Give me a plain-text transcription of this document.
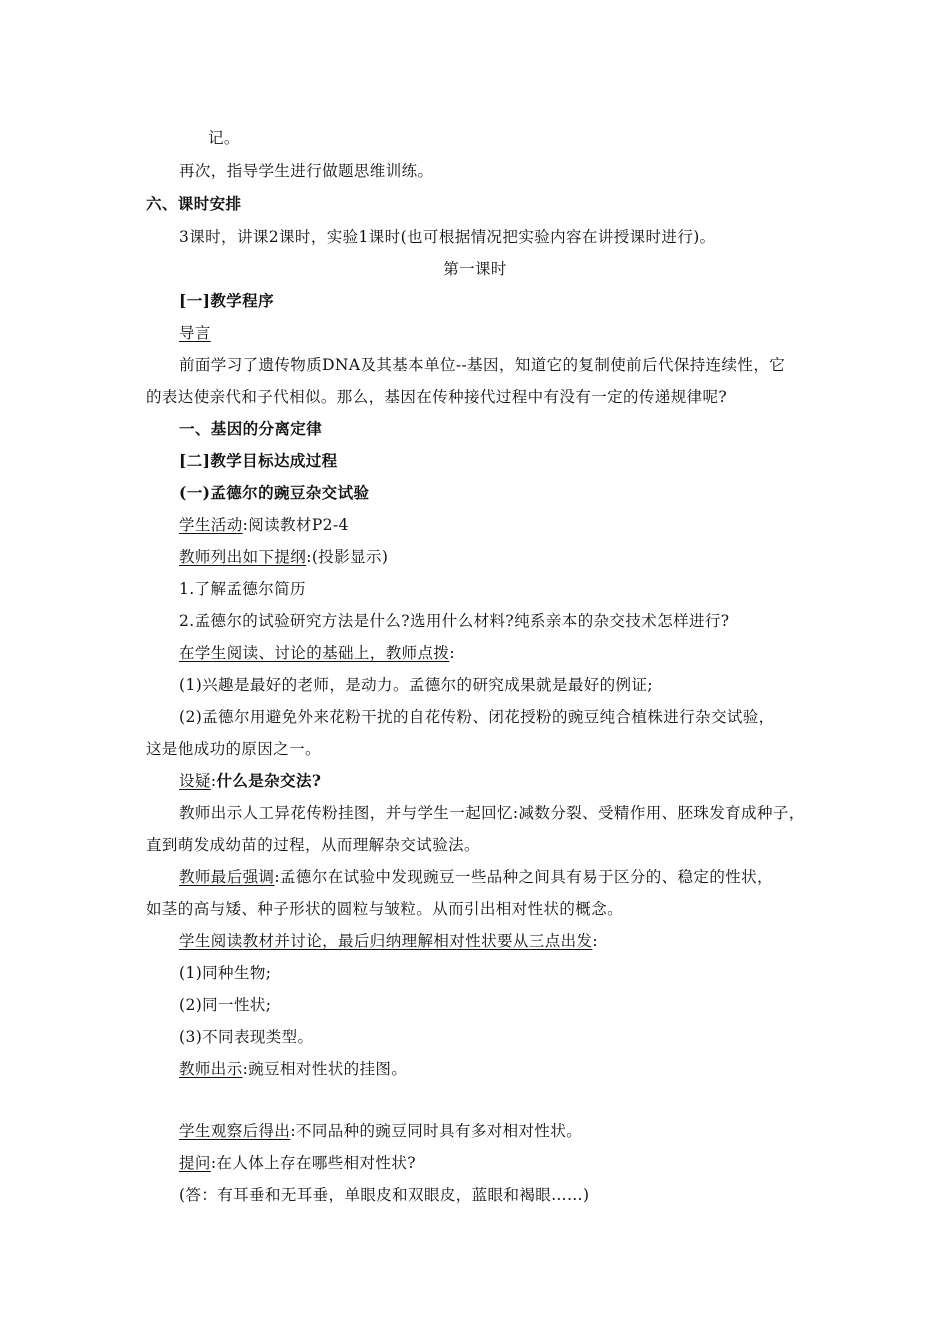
记。
再次，指导学生进行做题思维训练。
六、课时安排
3课时，讲课2课时，实验1课时(也可根据情况把实验内容在讲授课时进行)。
第一课时
[一]教学程序
导言
前面学习了遗传物质DNA及其基本单位--基因，知道它的复制使前后代保持连续性，它
的表达使亲代和子代相似。那么，基因在传种接代过程中有没有一定的传递规律呢?
一、基因的分离定律
[二]教学目标达成过程
(一)孟德尔的豌豆杂交试验
学生活动:阅读教材P2-4
教师列出如下提纲:(投影显示)
1.了解孟德尔简历
2.孟德尔的试验研究方法是什么?选用什么材料?纯系亲本的杂交技术怎样进行?
在学生阅读、讨论的基础上，教师点拨:
(1)兴趣是最好的老师，是动力。孟德尔的研究成果就是最好的例证;
(2)孟德尔用避免外来花粉干扰的自花传粉、闭花授粉的豌豆纯合植株进行杂交试验，
这是他成功的原因之一。
设疑:什么是杂交法?
教师出示人工异花传粉挂图，并与学生一起回忆:减数分裂、受精作用、胚珠发育成种子，
直到萌发成幼苗的过程，从而理解杂交试验法。
教师最后强调:孟德尔在试验中发现豌豆一些品种之间具有易于区分的、稳定的性状，
如茎的高与矮、种子形状的圆粒与皱粒。从而引出相对性状的概念。
学生阅读教材并讨论，最后归纳理解相对性状要从三点出发:
(1)同种生物;
(2)同一性状;
(3)不同表现类型。
教师出示:豌豆相对性状的挂图。
学生观察后得出:不同品种的豌豆同时具有多对相对性状。
提问:在人体上存在哪些相对性状?
(答：有耳垂和无耳垂，单眼皮和双眼皮，蓝眼和褐眼……)
